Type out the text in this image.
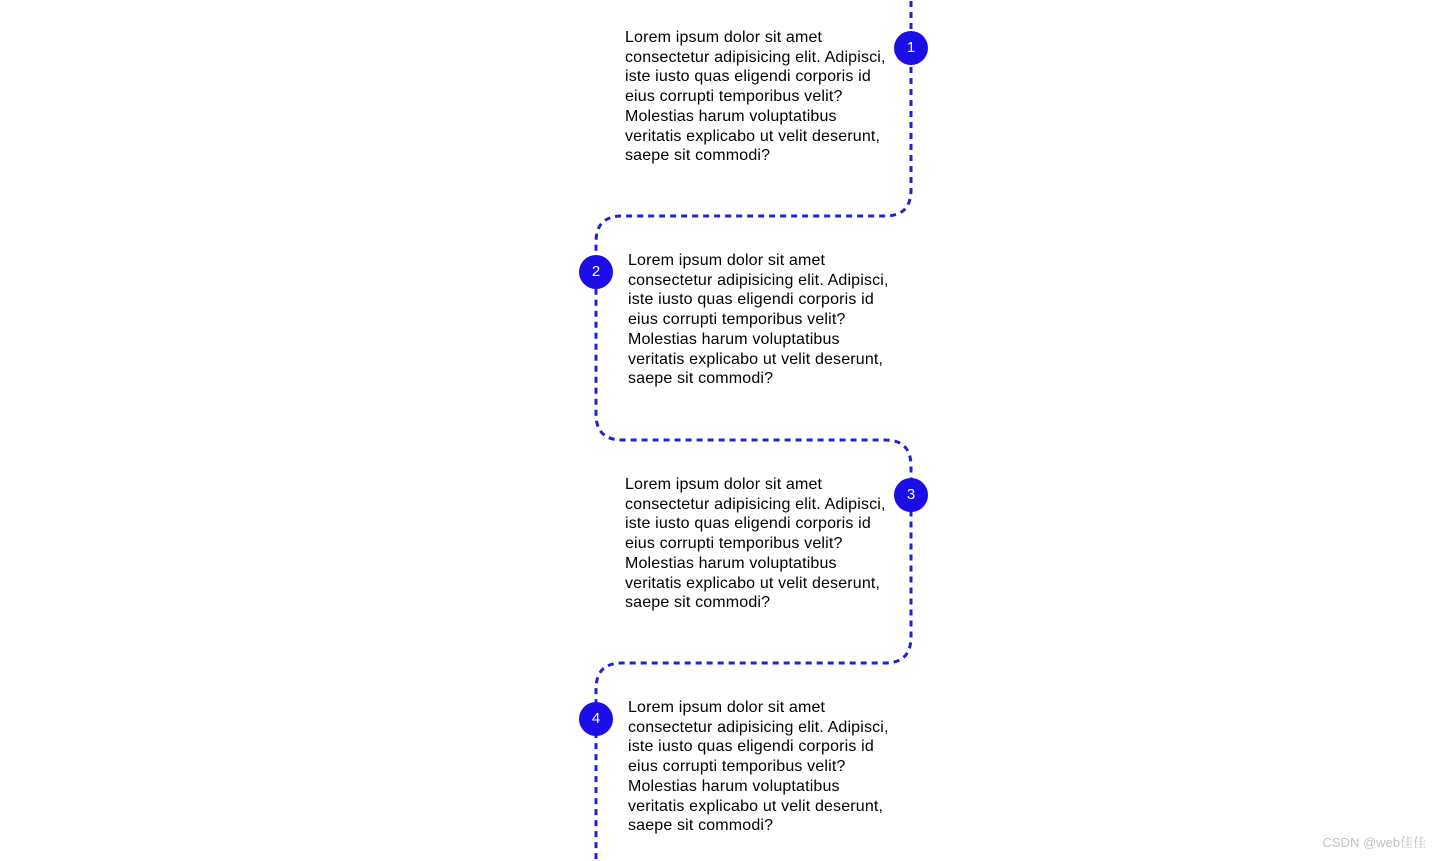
Lorem ipsum dolor sit amet consectetur adipisicing elit. Adipisci, iste iusto quas eligendi corporis id eius corrupti temporibus velit? Molestias harum voluptatibus veritatis explicabo ut velit deserunt, saepe sit commodi?
1
Lorem ipsum dolor sit amet consectetur adipisicing elit. Adipisci, iste iusto quas eligendi corporis id eius corrupti temporibus velit? Molestias harum voluptatibus veritatis explicabo ut velit deserunt, saepe sit commodi?
2
Lorem ipsum dolor sit amet consectetur adipisicing elit. Adipisci, iste iusto quas eligendi corporis id eius corrupti temporibus velit? Molestias harum voluptatibus veritatis explicabo ut velit deserunt, saepe sit commodi?
3
Lorem ipsum dolor sit amet consectetur adipisicing elit. Adipisci, iste iusto quas eligendi corporis id eius corrupti temporibus velit? Molestias harum voluptatibus veritatis explicabo ut velit deserunt, saepe sit commodi?
4
CSDN @web佳佳
